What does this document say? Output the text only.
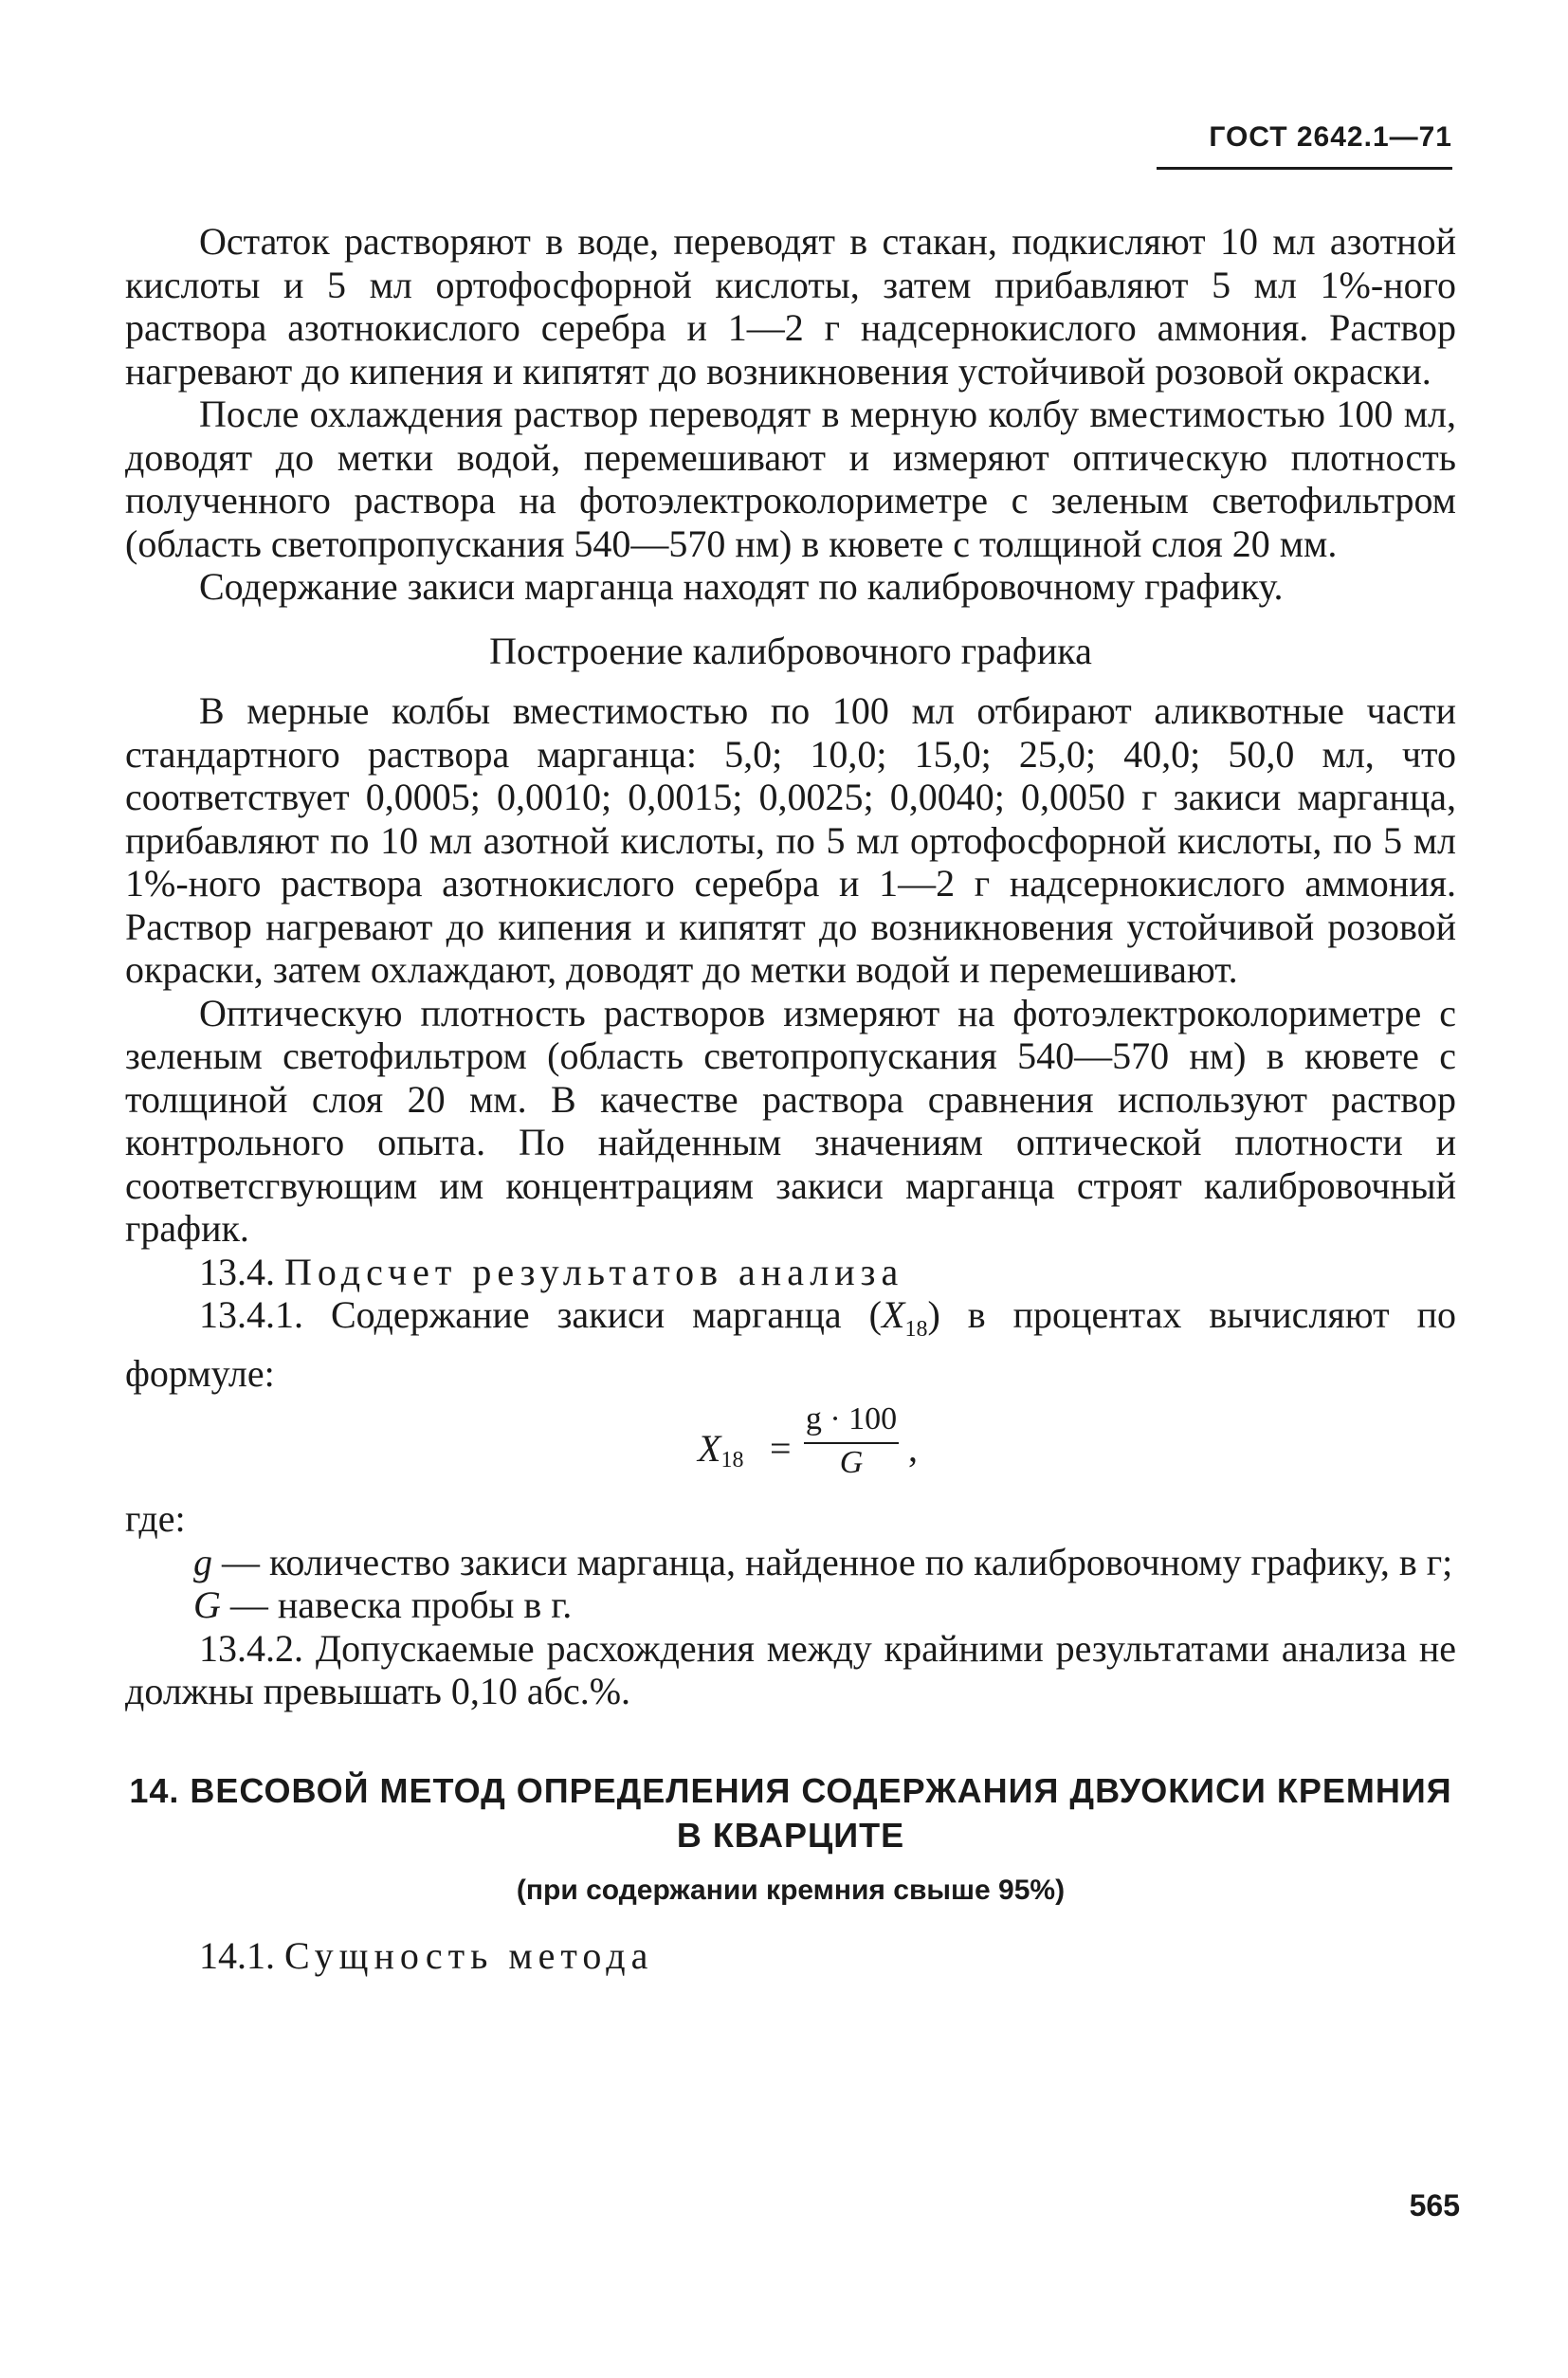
ГОСТ 2642.1—71

Остаток растворяют в воде, переводят в стакан, подкисляют 10 мл азотной кислоты и 5 мл ортофосфорной кислоты, затем прибавляют 5 мл 1%-ного раствора азотнокислого серебра и 1—2 г надсернокислого аммония. Раствор нагревают до кипения и кипятят до возникновения устойчивой розовой окраски.

После охлаждения раствор переводят в мерную колбу вместимостью 100 мл, доводят до метки водой, перемешивают и измеряют оптическую плотность полученного раствора на фотоэлектроколориметре с зеленым светофильтром (область светопропускания 540—570 нм) в кювете с толщиной слоя 20 мм.

Содержание закиси марганца находят по калибровочному графику.

Построение калибровочного графика

В мерные колбы вместимостью по 100 мл отбирают аликвотные части стандартного раствора марганца: 5,0; 10,0; 15,0; 25,0; 40,0; 50,0 мл, что соответствует 0,0005; 0,0010; 0,0015; 0,0025; 0,0040; 0,0050 г закиси марганца, прибавляют по 10 мл азотной кислоты, по 5 мл ортофосфорной кислоты, по 5 мл 1%-ного раствора азотнокислого серебра и 1—2 г надсернокислого аммония. Раствор нагревают до кипения и кипятят до возникновения устойчивой розовой окраски, затем охлаждают, доводят до метки водой и перемешивают.

Оптическую плотность растворов измеряют на фотоэлектроколориметре с зеленым светофильтром (область светопропускания 540—570 нм) в кювете с толщиной слоя 20 мм. В качестве раствора сравнения используют раствор контрольного опыта. По найденным значениям оптической плотности и соответсгвующим им концентрациям закиси марганца строят калибровочный график.

13.4. Подсчет результатов анализа

13.4.1. Содержание закиси марганца $(X_{18})$ в процентах вычисляют по формуле:

$X_{18} = \frac{g \cdot 100}{G}$ ,

где:

g — количество закиси марганца, найденное по калибровочному графику, в г;

G — навеска пробы в г.

13.4.2. Допускаемые расхождения между крайними результатами анализа не должны превышать 0,10 абс.%.

14. ВЕСОВОЙ МЕТОД ОПРЕДЕЛЕНИЯ СОДЕРЖАНИЯ ДВУОКИСИ КРЕМНИЯ В КВАРЦИТЕ

(при содержании кремния свыше 95%)

14.1. Сущность метода

565
